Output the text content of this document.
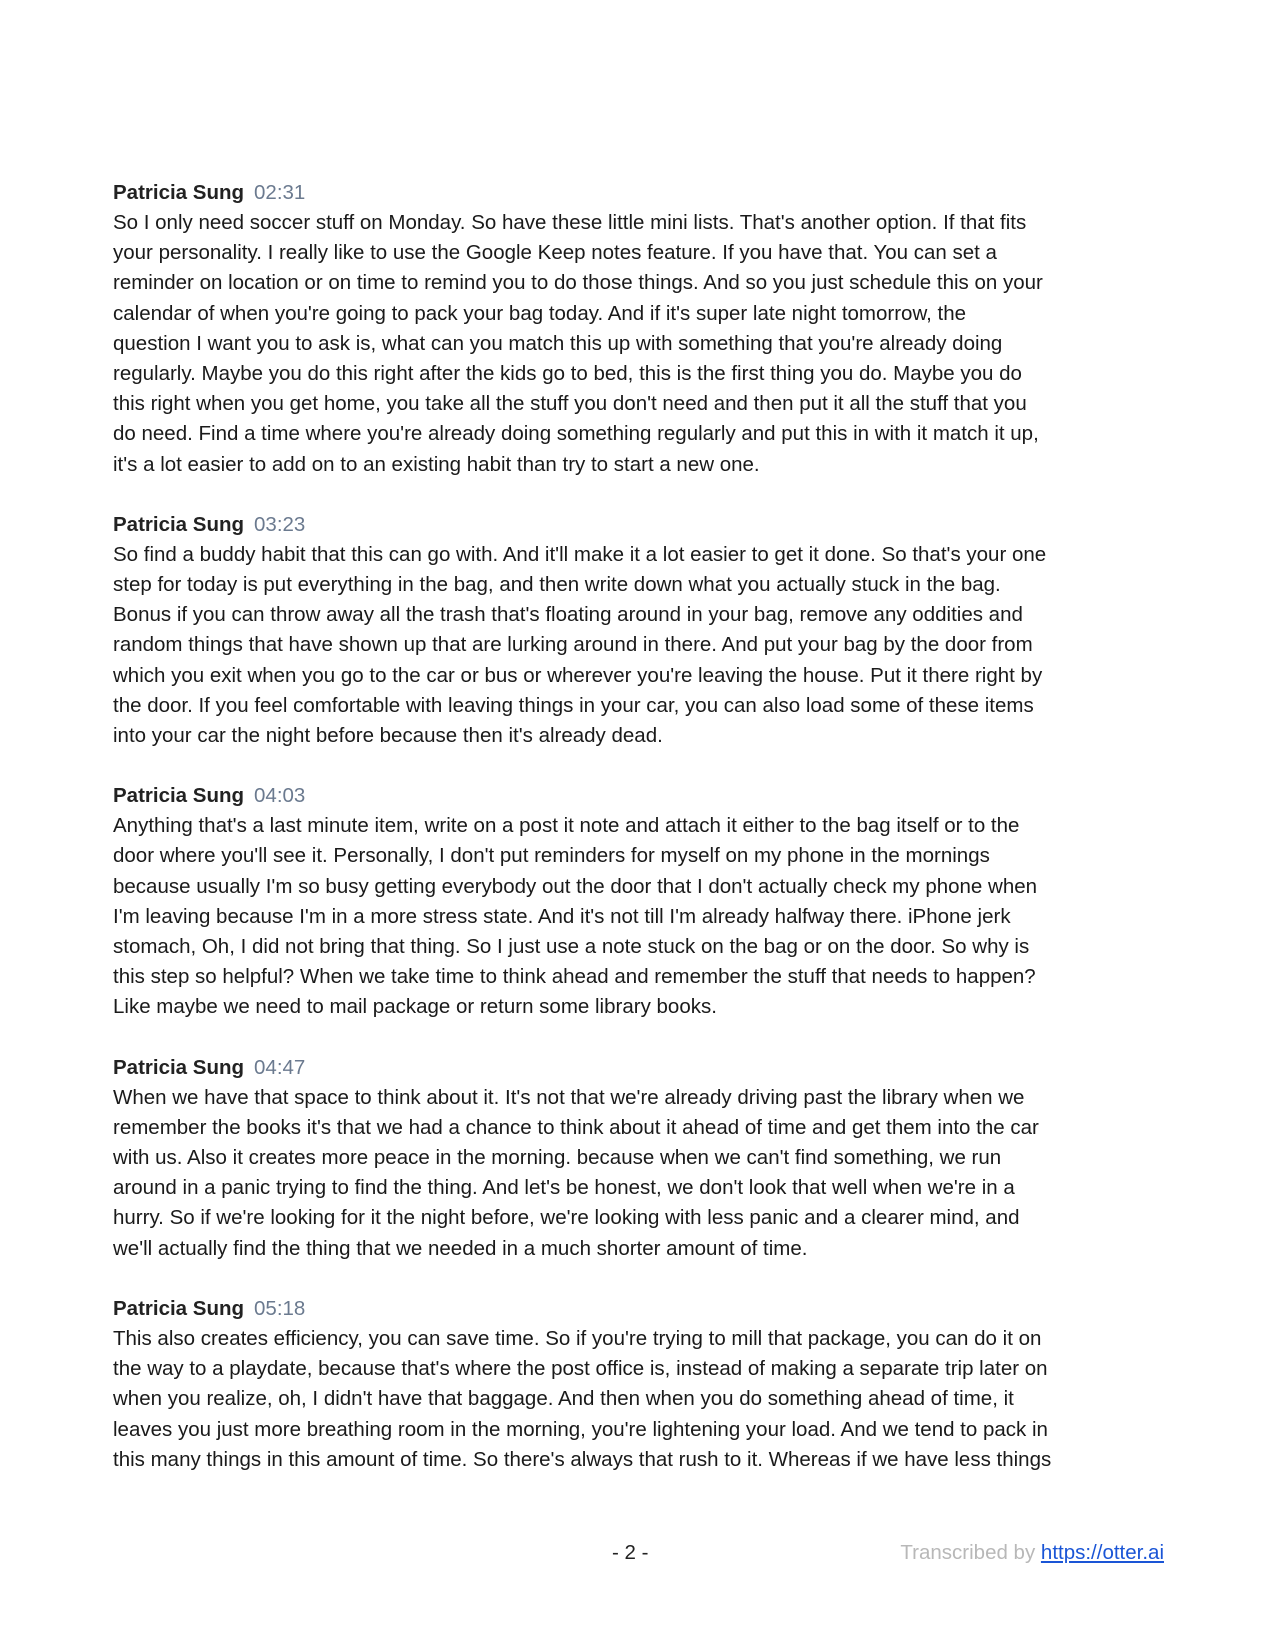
Patricia Sung 02:31
So I only need soccer stuff on Monday. So have these little mini lists. That's another option. If that fits
your personality. I really like to use the Google Keep notes feature. If you have that. You can set a
reminder on location or on time to remind you to do those things. And so you just schedule this on your
calendar of when you're going to pack your bag today. And if it's super late night tomorrow, the
question I want you to ask is, what can you match this up with something that you're already doing
regularly. Maybe you do this right after the kids go to bed, this is the first thing you do. Maybe you do
this right when you get home, you take all the stuff you don't need and then put it all the stuff that you
do need. Find a time where you're already doing something regularly and put this in with it match it up,
it's a lot easier to add on to an existing habit than try to start a new one.
Patricia Sung 03:23
So find a buddy habit that this can go with. And it'll make it a lot easier to get it done. So that's your one
step for today is put everything in the bag, and then write down what you actually stuck in the bag.
Bonus if you can throw away all the trash that's floating around in your bag, remove any oddities and
random things that have shown up that are lurking around in there. And put your bag by the door from
which you exit when you go to the car or bus or wherever you're leaving the house. Put it there right by
the door. If you feel comfortable with leaving things in your car, you can also load some of these items
into your car the night before because then it's already dead.
Patricia Sung 04:03
Anything that's a last minute item, write on a post it note and attach it either to the bag itself or to the
door where you'll see it. Personally, I don't put reminders for myself on my phone in the mornings
because usually I'm so busy getting everybody out the door that I don't actually check my phone when
I'm leaving because I'm in a more stress state. And it's not till I'm already halfway there. iPhone jerk
stomach, Oh, I did not bring that thing. So I just use a note stuck on the bag or on the door. So why is
this step so helpful? When we take time to think ahead and remember the stuff that needs to happen?
Like maybe we need to mail package or return some library books.
Patricia Sung 04:47
When we have that space to think about it. It's not that we're already driving past the library when we
remember the books it's that we had a chance to think about it ahead of time and get them into the car
with us. Also it creates more peace in the morning. because when we can't find something, we run
around in a panic trying to find the thing. And let's be honest, we don't look that well when we're in a
hurry. So if we're looking for it the night before, we're looking with less panic and a clearer mind, and
we'll actually find the thing that we needed in a much shorter amount of time.
Patricia Sung 05:18
This also creates efficiency, you can save time. So if you're trying to mill that package, you can do it on
the way to a playdate, because that's where the post office is, instead of making a separate trip later on
when you realize, oh, I didn't have that baggage. And then when you do something ahead of time, it
leaves you just more breathing room in the morning, you're lightening your load. And we tend to pack in
this many things in this amount of time. So there's always that rush to it. Whereas if we have less things
- 2 -	Transcribed by https://otter.ai
